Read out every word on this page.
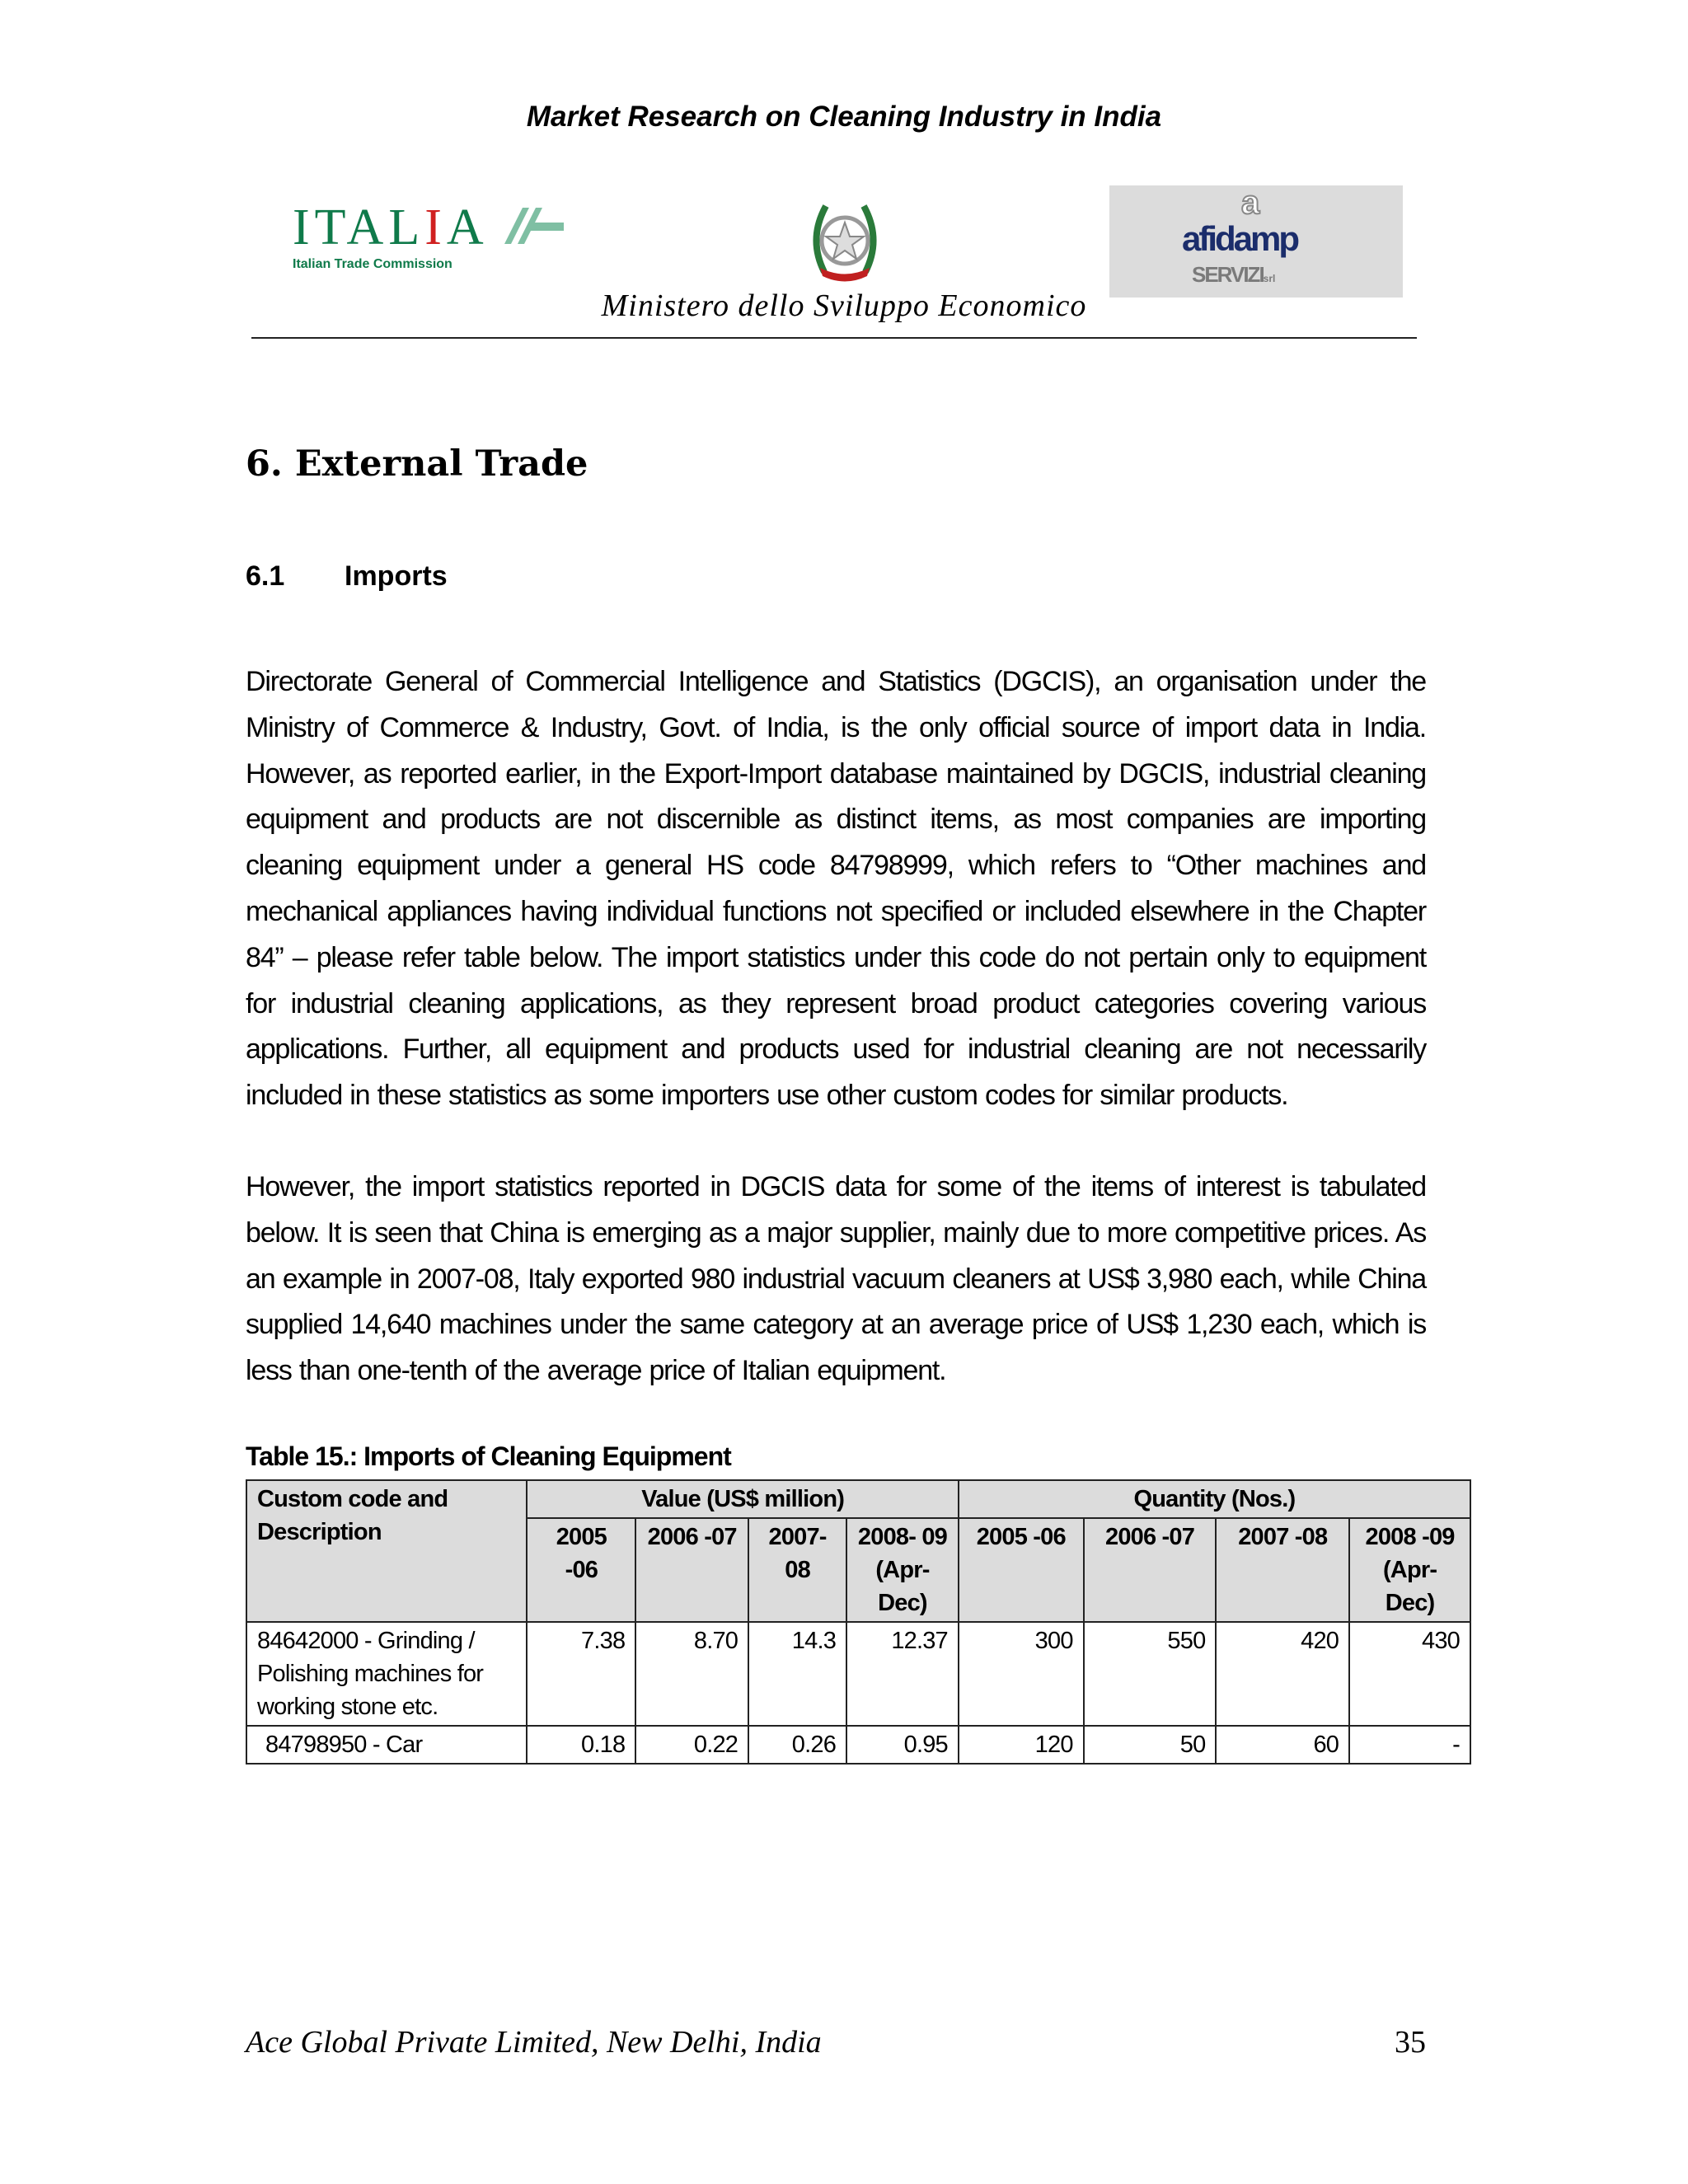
Market Research on Cleaning Industry in India
ITALIA
Italian Trade Commission
Ministero dello Sviluppo Economico
a
afidamp
SERVIZIsrl
6. External Trade
6.1 Imports

Directorate General of Commercial Intelligence and Statistics (DGCIS), an organisation under the Ministry of Commerce & Industry, Govt. of India, is the only official source of import data in India. However, as reported earlier, in the Export-Import database maintained by DGCIS, industrial cleaning equipment and products are not discernible as distinct items, as most companies are importing cleaning equipment under a general HS code 84798999, which refers to “Other machines and mechanical appliances having individual functions not specified or included elsewhere in the Chapter 84” – please refer table below. The import statistics under this code do not pertain only to equipment for industrial cleaning applications, as they represent broad product categories covering various applications. Further, all equipment and products used for industrial cleaning are not necessarily included in these statistics as some importers use other custom codes for similar products.

However, the import statistics reported in DGCIS data for some of the items of interest is tabulated below. It is seen that China is emerging as a major supplier, mainly due to more competitive prices. As an example in 2007-08, Italy exported 980 industrial vacuum cleaners at US$ 3,980 each, while China supplied 14,640 machines under the same category at an average price of US$ 1,230 each, which is less than one-tenth of the average price of Italian equipment.

Table 15.: Imports of Cleaning Equipment
Custom code and Description	Value (US$ million)				Quantity (Nos.)			
	2005 -06	2006 -07	2007- 08	2008- 09 (Apr- Dec)	2005 -06	2006 -07	2007 -08	2008 -09 (Apr- Dec)
84642000 - Grinding / Polishing machines for working stone etc.	7.38	8.70	14.3	12.37	300	550	420	430
84798950 - Car	0.18	0.22	0.26	0.95	120	50	60	-
Ace Global Private Limited, New Delhi, India	35
